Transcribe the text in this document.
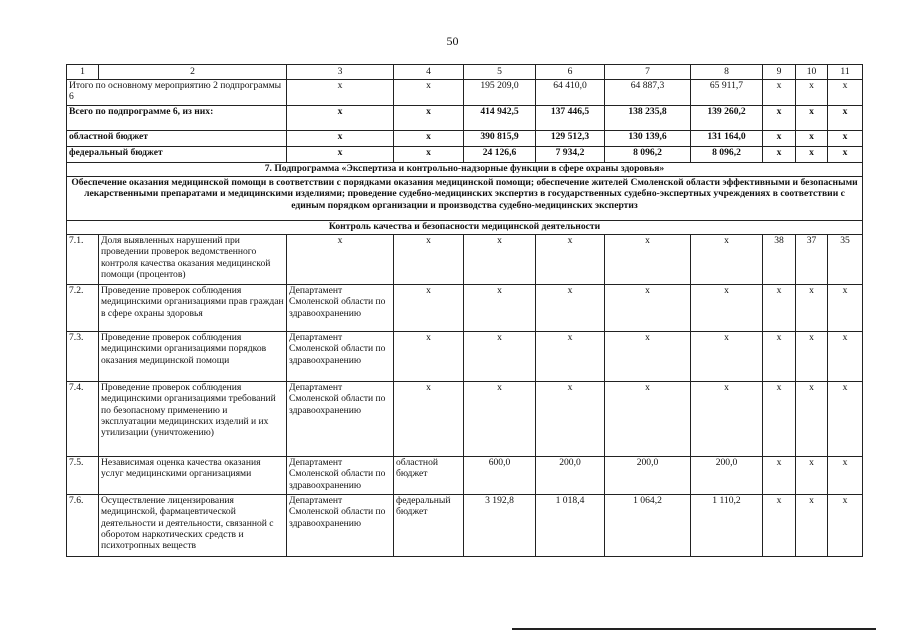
50
1	2	3	4	5	6	7	8	9	10	11
Итого по основному мероприятию 2 подпрограммы 6		x	x	195 209,0	64 410,0	64 887,3	65 911,7	x	x	x
Всего по подпрограмме 6, из них:		x	x	414 942,5	137 446,5	138 235,8	139 260,2	x	x	x
областной бюджет		x	x	390 815,9	129 512,3	130 139,6	131 164,0	x	x	x
федеральный бюджет		x	x	24 126,6	7 934,2	8 096,2	8 096,2	x	x	x
7. Подпрограмма «Экспертиза и контрольно-надзорные функции в сфере охраны здоровья»										
Обеспечение оказания медицинской помощи в соответствии с порядками оказания медицинской помощи; обеспечение жителей Смоленской области эффективными и безопасными лекарственными препаратами и медицинскими изделиями; проведение судебно-медицинских экспертиз в государственных судебно-экспертных учреждениях в соответствии с единым порядком организации и производства судебно-медицинских экспертиз										
Контроль качества и безопасности медицинской деятельности										
7.1.	Доля выявленных нарушений при проведении проверок ведомственного контроля качества оказания медицинской помощи (процентов)	x	x	x	x	x	x	38	37	35
7.2.	Проведение проверок соблюдения медицинскими организациями прав граждан в сфере охраны здоровья	Департамент Смоленской области по здравоохранению	x	x	x	x	x	x	x	x
7.3.	Проведение проверок соблюдения медицинскими организациями порядков оказания медицинской помощи	Департамент Смоленской области по здравоохранению	x	x	x	x	x	x	x	x
7.4.	Проведение проверок соблюдения медицинскими организациями требований по безопасному применению и эксплуатации медицинских изделий и их утилизации (уничтожению)	Департамент Смоленской области по здравоохранению	x	x	x	x	x	x	x	x
7.5.	Независимая оценка качества оказания услуг медицинскими организациями	Департамент Смоленской области по здравоохранению	областной бюджет	600,0	200,0	200,0	200,0	x	x	x
7.6.	Осуществление лицензирования медицинской, фармацевтической деятельности и деятельности, связанной с оборотом наркотических средств и психотропных веществ	Департамент Смоленской области по здравоохранению	федеральный бюджет	3 192,8	1 018,4	1 064,2	1 110,2	x	x	x
